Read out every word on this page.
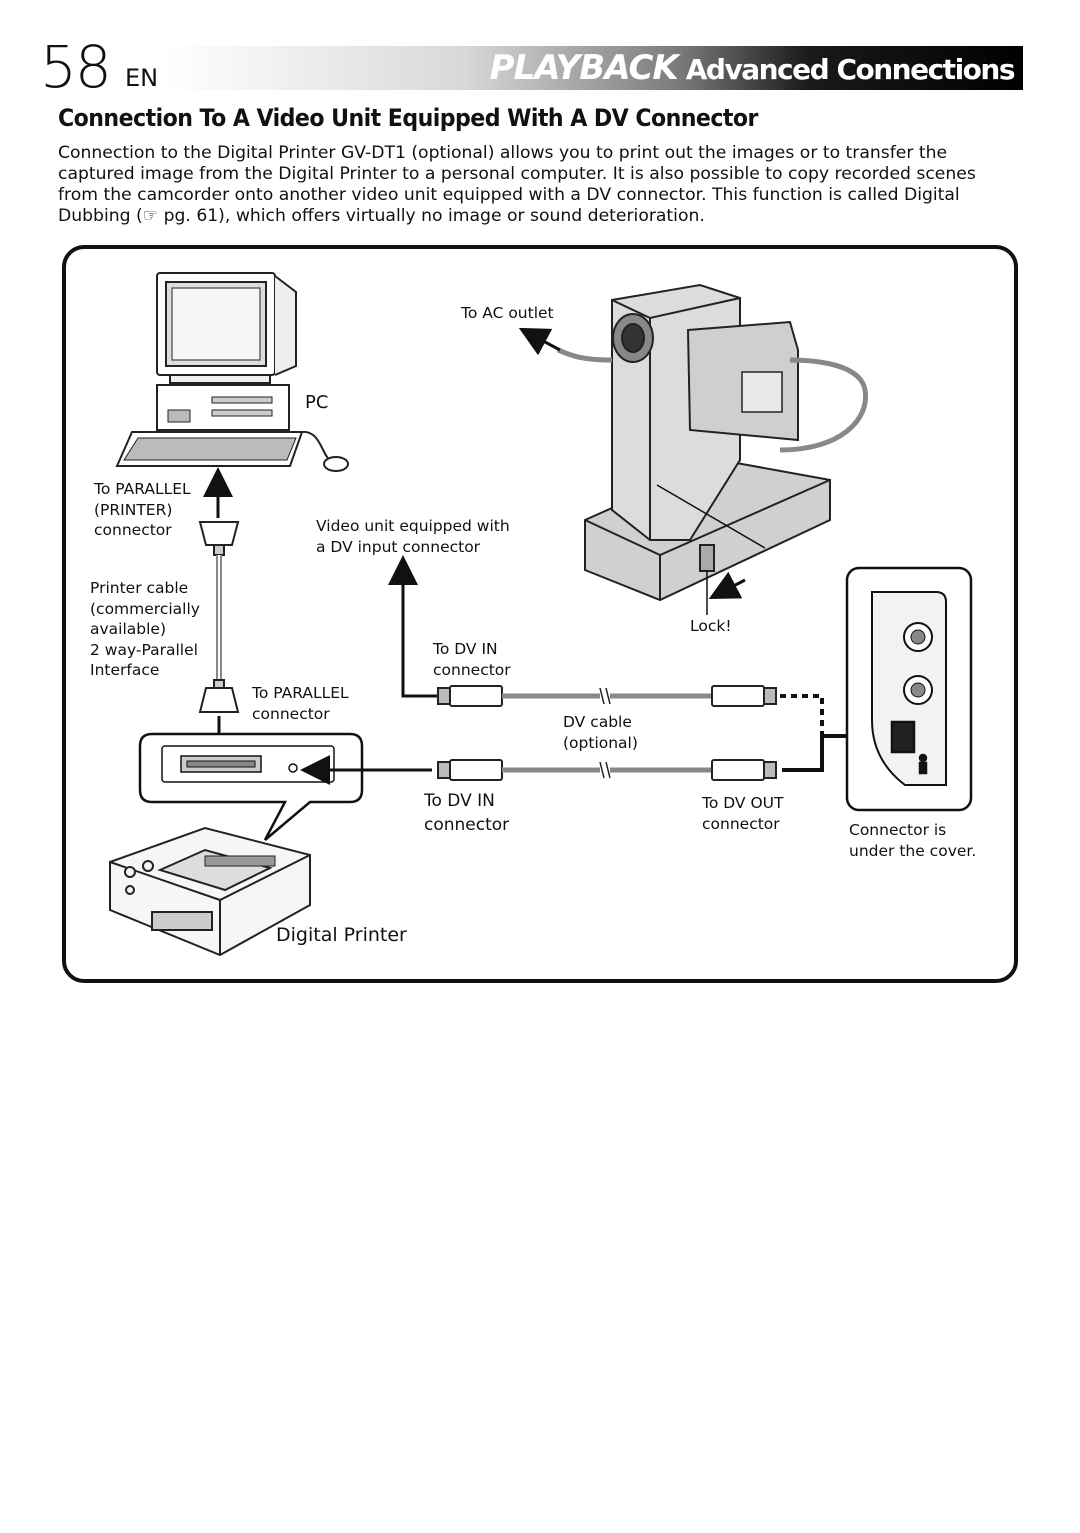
58 EN	PLAYBACK Advanced Connections
Connection To A Video Unit Equipped With A DV Connector
Connection to the Digital Printer GV-DT1 (optional) allows you to print out the images or to transfer the
captured image from the Digital Printer to a personal computer. It is also possible to copy recorded scenes
from the camcorder onto another video unit equipped with a DV connector. This function is called Digital
Dubbing (☞ pg. 61), which offers virtually no image or sound deterioration.
To AC outlet
PC
To PARALLEL
(PRINTER)
connector	Video unit equipped with
a DV input connector
Printer cable
(commercially
available)
2 way-Parallel
Interface
To PARALLEL
connector
To DV IN
connector
Lock!
DV cable
(optional)
To DV IN
connector
To DV OUT
connector	Connector is
under the cover.
Digital Printer
